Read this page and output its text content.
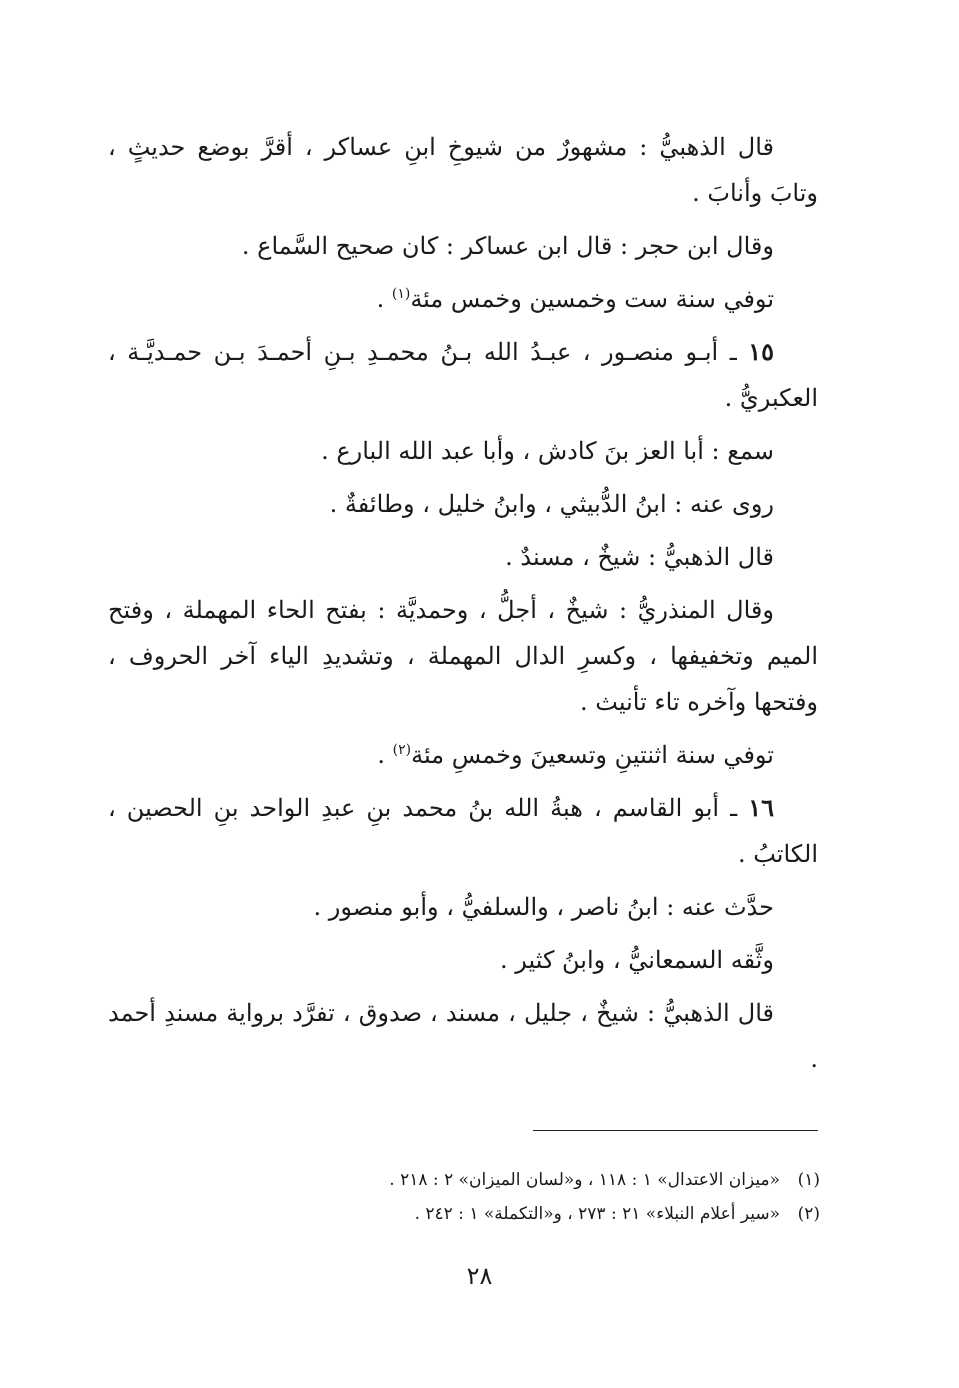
قال الذهبيُّ : مشهورٌ من شيوخِ ابنِ عساكر ، أقرَّ بوضع حديثٍ ، وتابَ وأنابَ .

وقال ابن حجر : قال ابن عساكر : كان صحيح السَّماع .

توفي سنة ست وخمسين وخمس مئة$^{(١)}$ .

١٥ ـ أبـو منصـور ، عبـدُ الله بـنُ محمـدِ بـنِ أحمـدَ بـن حمـديَّـة ، العكبريُّ .

سمع : أبا العز بنَ كادش ، وأبا عبد الله البارع .

روى عنه : ابنُ الدُّبيثي ، وابنُ خليل ، وطائفةٌ .

قال الذهبيُّ : شيخٌ ، مسندٌ .

وقال المنذريُّ : شيخٌ ، أجلُّ ، وحمديَّة : بفتح الحاء المهملة ، وفتح الميم وتخفيفها ، وكسرِ الدال المهملة ، وتشديدِ الياء آخر الحروف ، وفتحها وآخره تاء تأنيث .

توفي سنة اثنتينِ وتسعينَ وخمسِ مئة$^{(٢)}$ .

١٦ ـ أبو القاسم ، هبةُ الله بنُ محمد بنِ عبدِ الواحد بنِ الحصين ، الكاتبُ .

حدَّث عنه : ابنُ ناصر ، والسلفيُّ ، وأبو منصور .

وثَّقه السمعانيُّ ، وابنُ كثير .

قال الذهبيُّ : شيخٌ ، جليل ، مسند ، صدوق ، تفرَّد برواية مسندِ أحمد .

(١)«ميزان الاعتدال» ١ : ١١٨ ، و«لسان الميزان» ٢ : ٢١٨ .
(٢)«سير أعلام النبلاء» ٢١ : ٢٧٣ ، و«التكملة» ١ : ٢٤٢ .
٢٨
